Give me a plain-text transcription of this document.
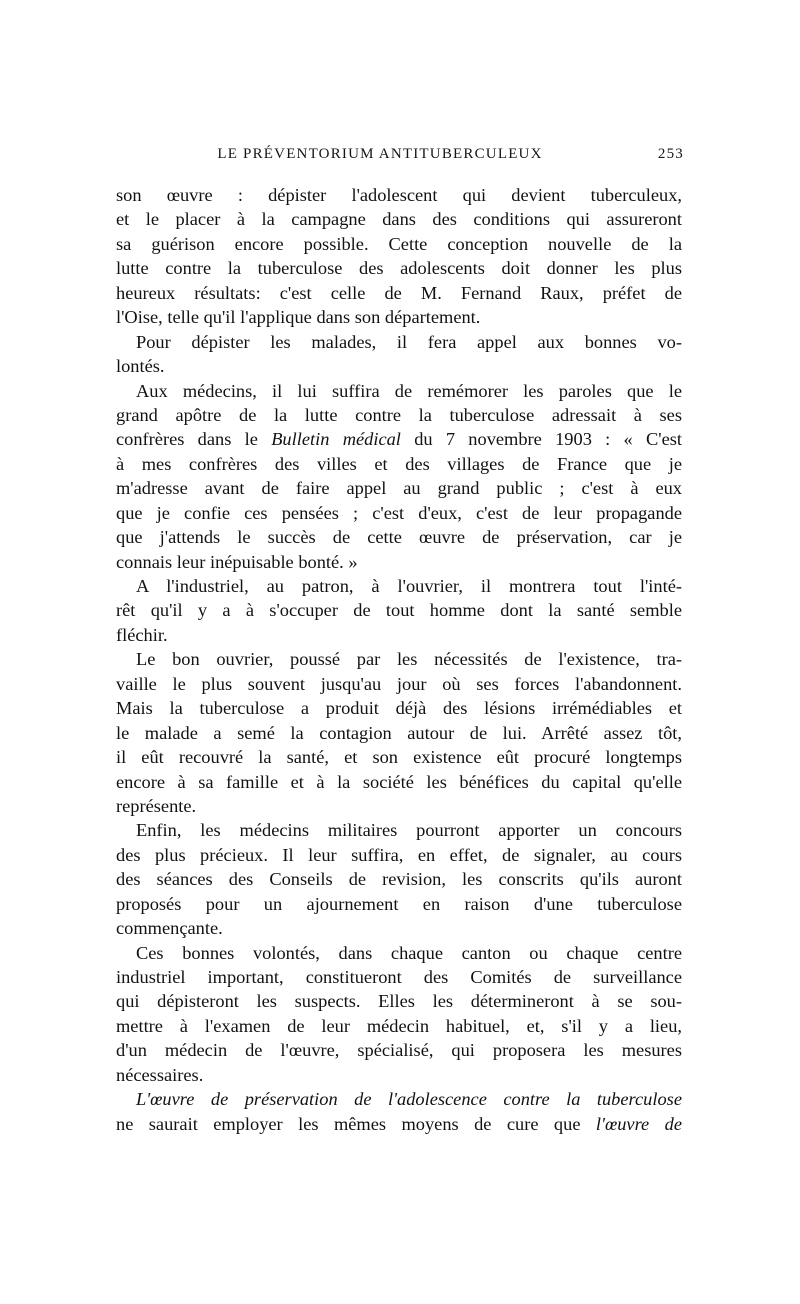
LE PRÉVENTORIUM ANTITUBERCULEUX	253
son œuvre : dépister l'adolescent qui devient tuberculeux,
et le placer à la campagne dans des conditions qui assureront
sa guérison encore possible. Cette conception nouvelle de la
lutte contre la tuberculose des adolescents doit donner les plus
heureux résultats: c'est celle de M. Fernand Raux, préfet de
l'Oise, telle qu'il l'applique dans son département.
Pour dépister les malades, il fera appel aux bonnes vo-
lontés.
Aux médecins, il lui suffira de remémorer les paroles que le
grand apôtre de la lutte contre la tuberculose adressait à ses
confrères dans le Bulletin médical du 7 novembre 1903 : « C'est
à mes confrères des villes et des villages de France que je
m'adresse avant de faire appel au grand public ; c'est à eux
que je confie ces pensées ; c'est d'eux, c'est de leur propagande
que j'attends le succès de cette œuvre de préservation, car je
connais leur inépuisable bonté. »
A l'industriel, au patron, à l'ouvrier, il montrera tout l'inté-
rêt qu'il y a à s'occuper de tout homme dont la santé semble
fléchir.
Le bon ouvrier, poussé par les nécessités de l'existence, tra-
vaille le plus souvent jusqu'au jour où ses forces l'abandonnent.
Mais la tuberculose a produit déjà des lésions irrémédiables et
le malade a semé la contagion autour de lui. Arrêté assez tôt,
il eût recouvré la santé, et son existence eût procuré longtemps
encore à sa famille et à la société les bénéfices du capital qu'elle
représente.
Enfin, les médecins militaires pourront apporter un concours
des plus précieux. Il leur suffira, en effet, de signaler, au cours
des séances des Conseils de revision, les conscrits qu'ils auront
proposés pour un ajournement en raison d'une tuberculose
commençante.
Ces bonnes volontés, dans chaque canton ou chaque centre
industriel important, constitueront des Comités de surveillance
qui dépisteront les suspects. Elles les détermineront à se sou-
mettre à l'examen de leur médecin habituel, et, s'il y a lieu,
d'un médecin de l'œuvre, spécialisé, qui proposera les mesures
nécessaires.
L'œuvre de préservation de l'adolescence contre la tuberculose
ne saurait employer les mêmes moyens de cure que l'œuvre de
